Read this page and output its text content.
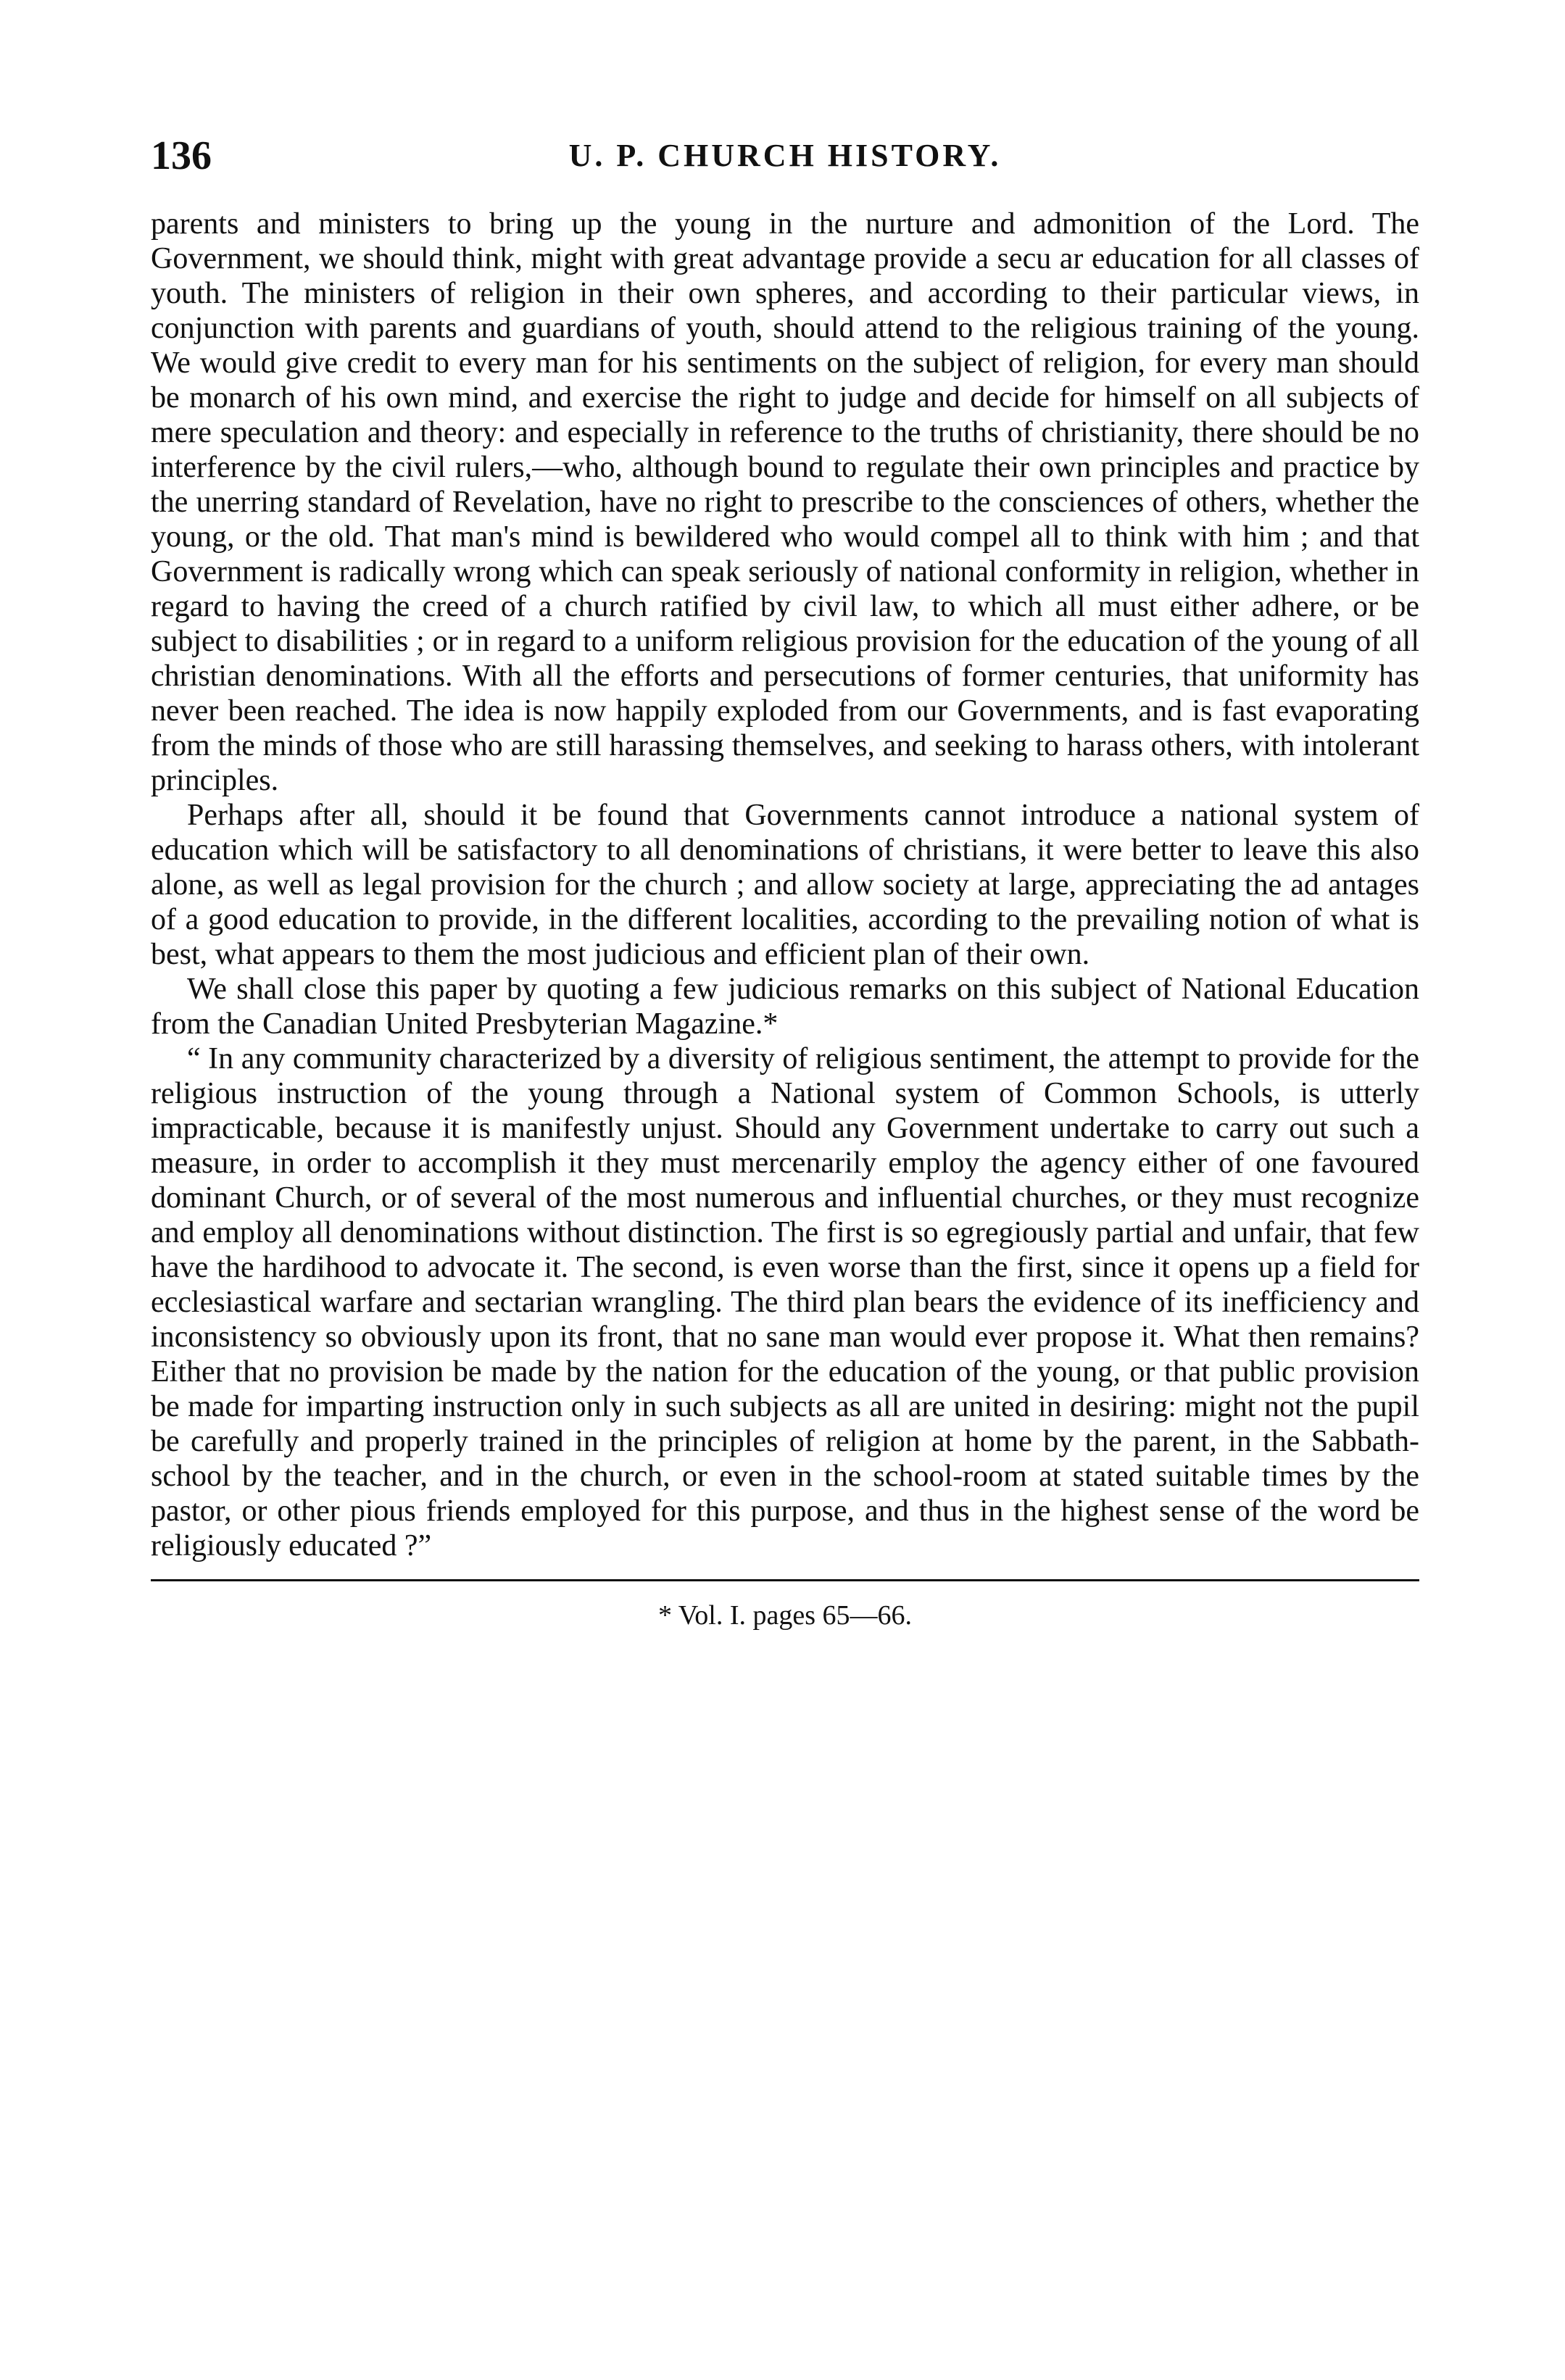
136	U. P. CHURCH HISTORY.

parents and ministers to bring up the young in the nurture and admonition of the Lord. The Government, we should think, might with great advantage provide a secu ar education for all classes of youth. The ministers of religion in their own spheres, and according to their particular views, in conjunction with parents and guardians of youth, should attend to the religious training of the young. We would give credit to every man for his sentiments on the subject of religion, for every man should be monarch of his own mind, and exercise the right to judge and decide for himself on all subjects of mere speculation and theory: and especially in reference to the truths of christianity, there should be no interference by the civil rulers,—who, although bound to regulate their own principles and practice by the unerring standard of Revelation, have no right to prescribe to the consciences of others, whether the young, or the old. That man's mind is bewildered who would compel all to think with him ; and that Government is radically wrong which can speak seriously of national conformity in religion, whether in regard to having the creed of a church ratified by civil law, to which all must either adhere, or be subject to disabilities ; or in regard to a uniform religious provision for the education of the young of all christian denominations. With all the efforts and persecutions of former centuries, that uniformity has never been reached. The idea is now happily exploded from our Governments, and is fast evaporating from the minds of those who are still harassing themselves, and seeking to harass others, with intolerant principles.

Perhaps after all, should it be found that Governments cannot introduce a national system of education which will be satisfactory to all denominations of christians, it were better to leave this also alone, as well as legal provision for the church ; and allow society at large, appreciating the ad antages of a good education to provide, in the different localities, according to the prevailing notion of what is best, what appears to them the most judicious and efficient plan of their own.

We shall close this paper by quoting a few judicious remarks on this subject of National Education from the Canadian United Presbyterian Magazine.*

“ In any community characterized by a diversity of religious sentiment, the attempt to provide for the religious instruction of the young through a National system of Common Schools, is utterly impracticable, because it is manifestly unjust. Should any Government undertake to carry out such a measure, in order to accomplish it they must mercenarily employ the agency either of one favoured dominant Church, or of several of the most numerous and influential churches, or they must recognize and employ all denominations without distinction. The first is so egregiously partial and unfair, that few have the hardihood to advocate it. The second, is even worse than the first, since it opens up a field for ecclesiastical warfare and sectarian wrangling. The third plan bears the evidence of its inefficiency and inconsistency so obviously upon its front, that no sane man would ever propose it. What then remains? Either that no provision be made by the nation for the education of the young, or that public provision be made for imparting instruction only in such subjects as all are united in desiring: might not the pupil be carefully and properly trained in the principles of religion at home by the parent, in the Sabbath-school by the teacher, and in the church, or even in the school-room at stated suitable times by the pastor, or other pious friends employed for this purpose, and thus in the highest sense of the word be religiously educated ?”

* Vol. I. pages 65—66.
